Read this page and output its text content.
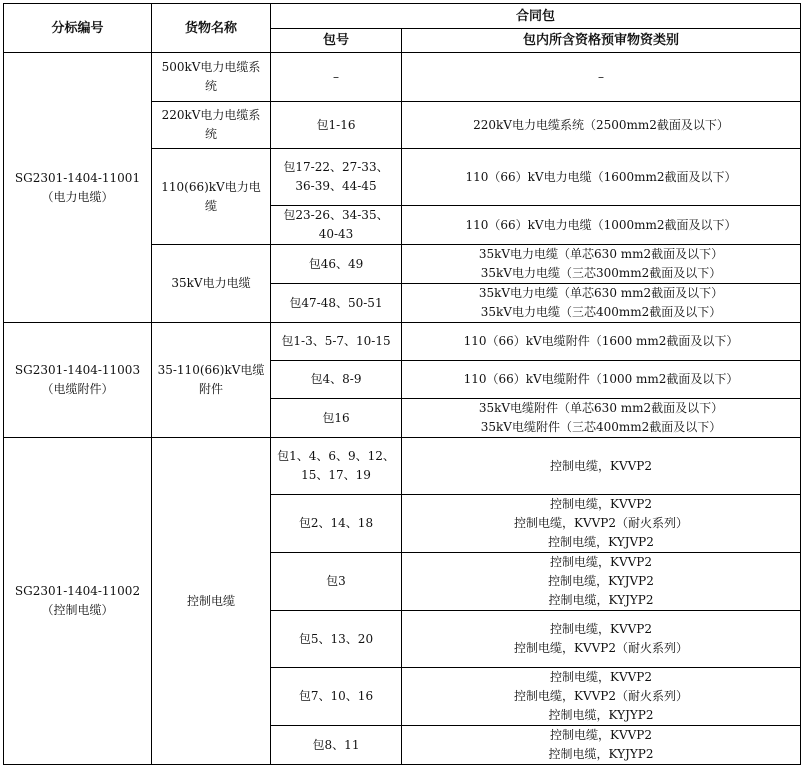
分标编号	货物名称	合同包	
		包号	包内所含资格预审物资类别

SG2301-1404-11001
（电力电缆）	500kV电力电缆系统	–	–

	220kV电力电缆系统	包1-16	220kV电力电缆系统（2500mm2截面及以下）

	110(66)kV电力电缆	包17-22、27-33、36-39、44-45	110（66）kV电力电缆（1600mm2截面及以下）

		包23-26、34-35、40-43	110（66）kV电力电缆（1000mm2截面及以下）

	35kV电力电缆	包46、49	35kV电力电缆（单芯630 mm2截面及以下）
35kV电力电缆（三芯300mm2截面及以下）

		包47-48、50-51	35kV电力电缆（单芯630 mm2截面及以下）
35kV电力电缆（三芯400mm2截面及以下）

SG2301-1404-11003
（电缆附件）	35-110(66)kV电缆附件	包1-3、5-7、10-15	110（66）kV电缆附件（1600 mm2截面及以下）

		包4、8-9	110（66）kV电缆附件（1000 mm2截面及以下）

		包16	35kV电缆附件（单芯630 mm2截面及以下）
35kV电缆附件（三芯400mm2截面及以下）

SG2301-1404-11002
（控制电缆）	控制电缆	包1、4、6、9、12、15、17、19	控制电缆，KVVP2

		包2、14、18	控制电缆，KVVP2
控制电缆，KVVP2（耐火系列）
控制电缆，KYJVP2

		包3	控制电缆，KVVP2
控制电缆，KYJVP2
控制电缆，KYJYP2

		包5、13、20	控制电缆，KVVP2
控制电缆，KVVP2（耐火系列）

		包7、10、16	控制电缆，KVVP2
控制电缆，KVVP2（耐火系列）
控制电缆，KYJYP2

		包8、11	控制电缆，KVVP2
控制电缆，KYJYP2
